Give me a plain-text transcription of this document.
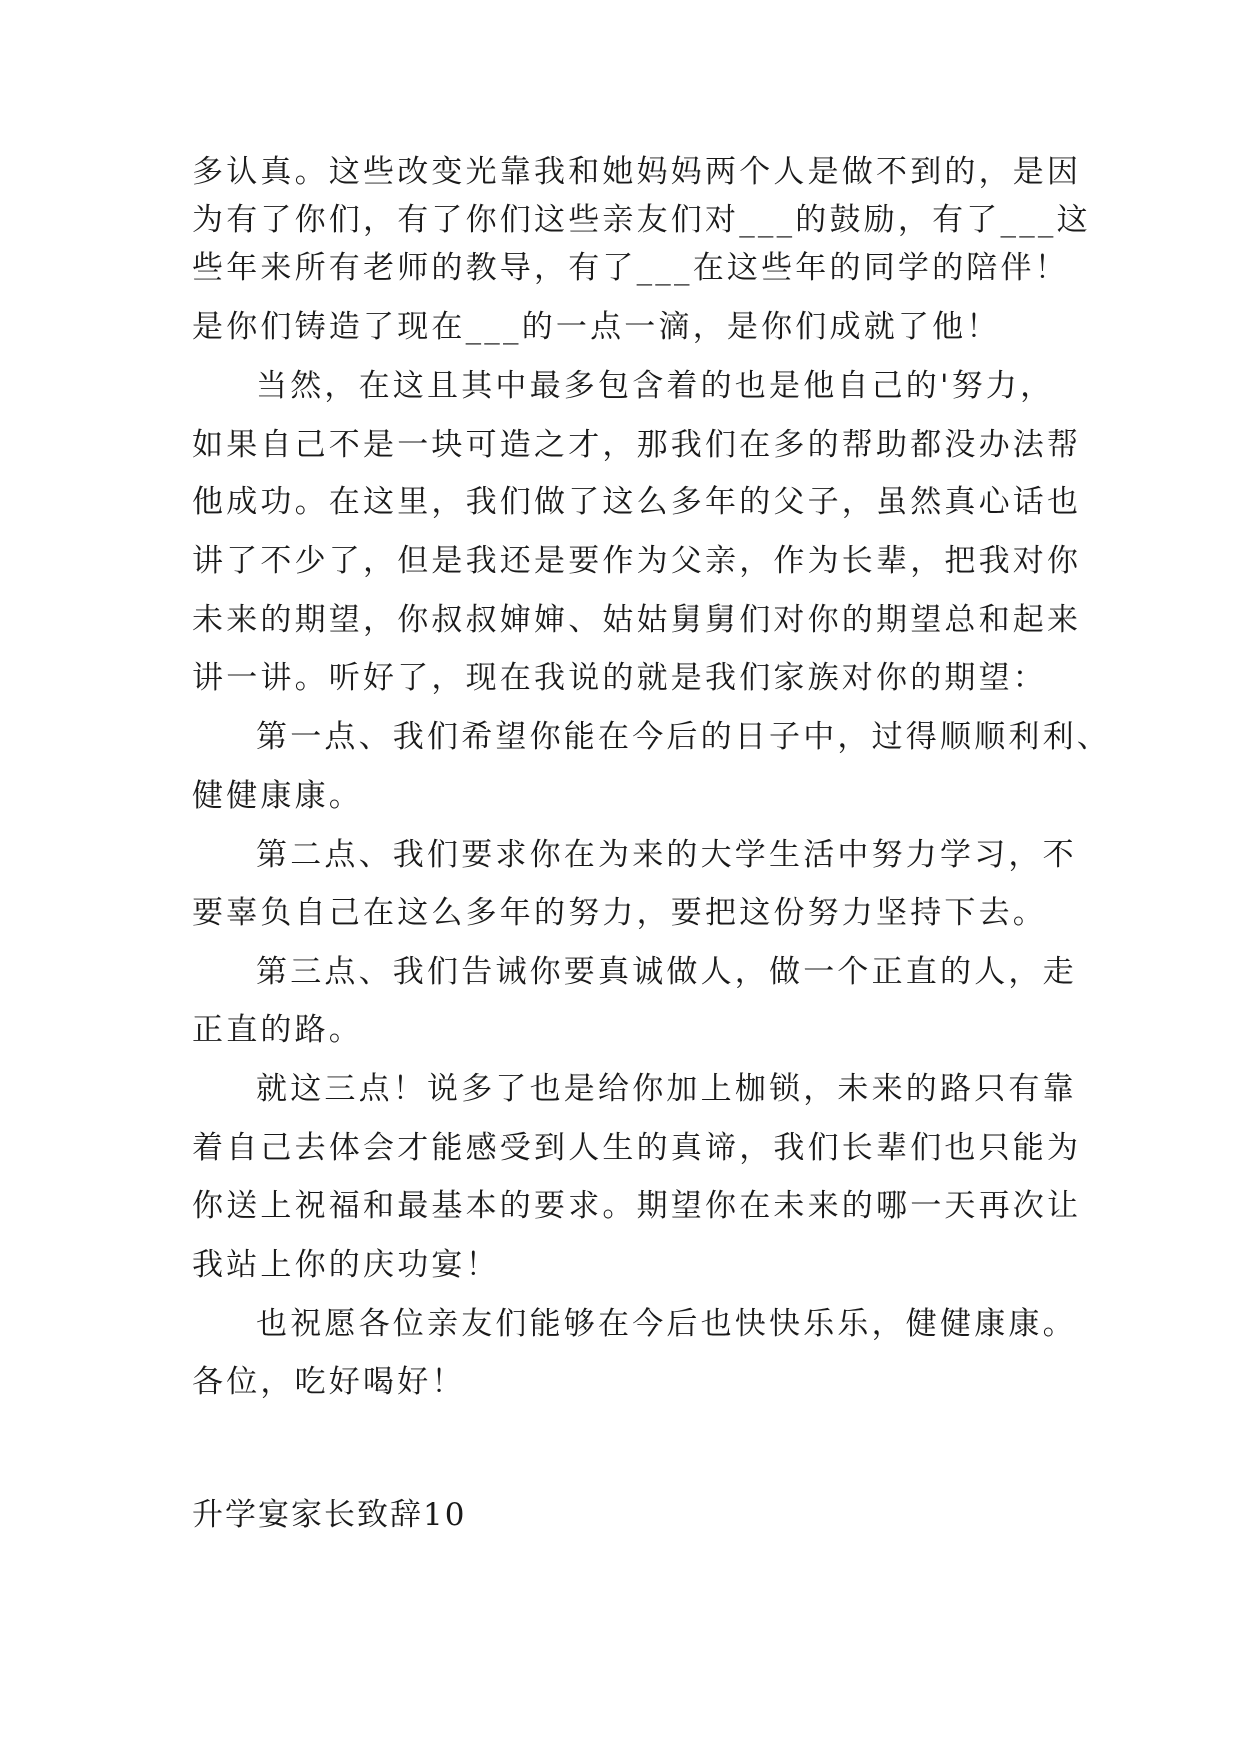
多认真。这些改变光靠我和她妈妈两个人是做不到的，是因
为有了你们，有了你们这些亲友们对___的鼓励，有了___这
些年来所有老师的教导，有了___在这些年的同学的陪伴！
是你们铸造了现在___的一点一滴，是你们成就了他！
当然，在这且其中最多包含着的也是他自己的'努力，
如果自己不是一块可造之才，那我们在多的帮助都没办法帮
他成功。在这里，我们做了这么多年的父子，虽然真心话也
讲了不少了，但是我还是要作为父亲，作为长辈，把我对你
未来的期望，你叔叔婶婶、姑姑舅舅们对你的期望总和起来
讲一讲。听好了，现在我说的就是我们家族对你的期望：
第一点、我们希望你能在今后的日子中，过得顺顺利利、
健健康康。
第二点、我们要求你在为来的大学生活中努力学习，不
要辜负自己在这么多年的努力，要把这份努力坚持下去。
第三点、我们告诫你要真诚做人，做一个正直的人，走
正直的路。
就这三点！说多了也是给你加上枷锁，未来的路只有靠
着自己去体会才能感受到人生的真谛，我们长辈们也只能为
你送上祝福和最基本的要求。期望你在未来的哪一天再次让
我站上你的庆功宴！
也祝愿各位亲友们能够在今后也快快乐乐，健健康康。
各位，吃好喝好！
升学宴家长致辞10
